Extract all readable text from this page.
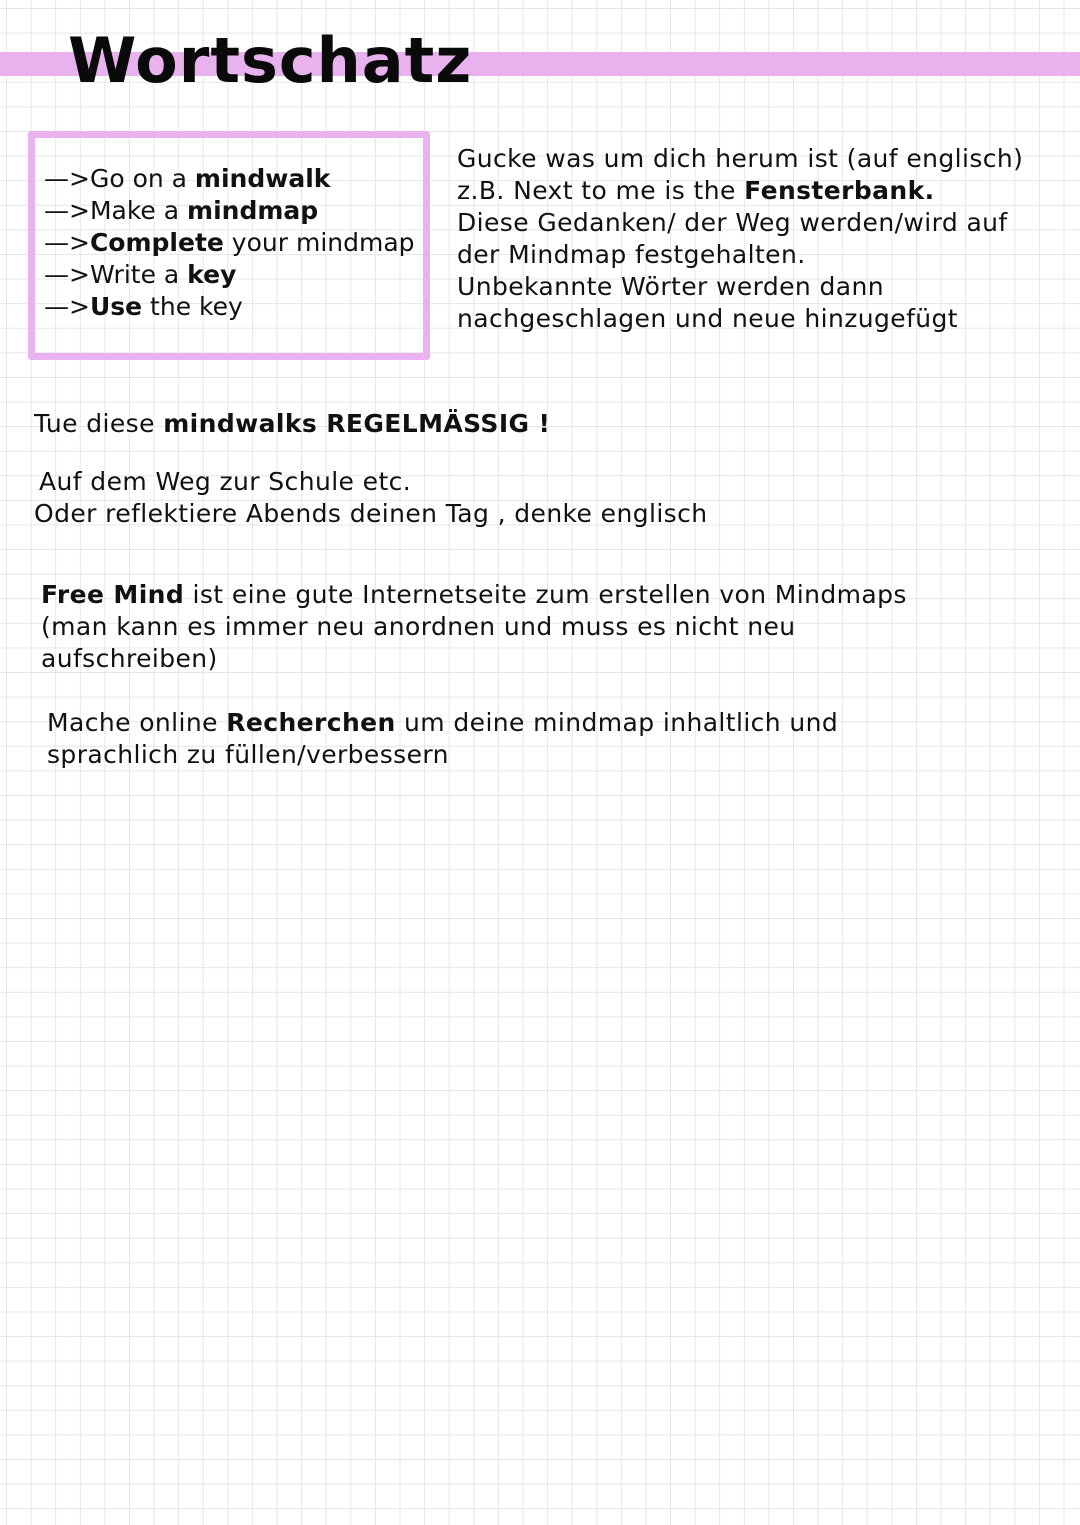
Wortschatz
—>Go on a mindwalk
—>Make a mindmap
—>Complete your mindmap
—>Write a key
—>Use the key
Gucke was um dich herum ist (auf englisch)
z.B. Next to me is the Fensterbank.
Diese Gedanken/ der Weg werden/wird auf
der Mindmap festgehalten.
Unbekannte Wörter werden dann
nachgeschlagen und neue hinzugefügt
Tue diese mindwalks REGELMÄSSIG !
Auf dem Weg zur Schule etc.
Oder reflektiere Abends deinen Tag , denke englisch
Free Mind ist eine gute Internetseite zum erstellen von Mindmaps
(man kann es immer neu anordnen und muss es nicht neu
aufschreiben)
Mache online Recherchen um deine mindmap inhaltlich und
sprachlich zu füllen/verbessern
